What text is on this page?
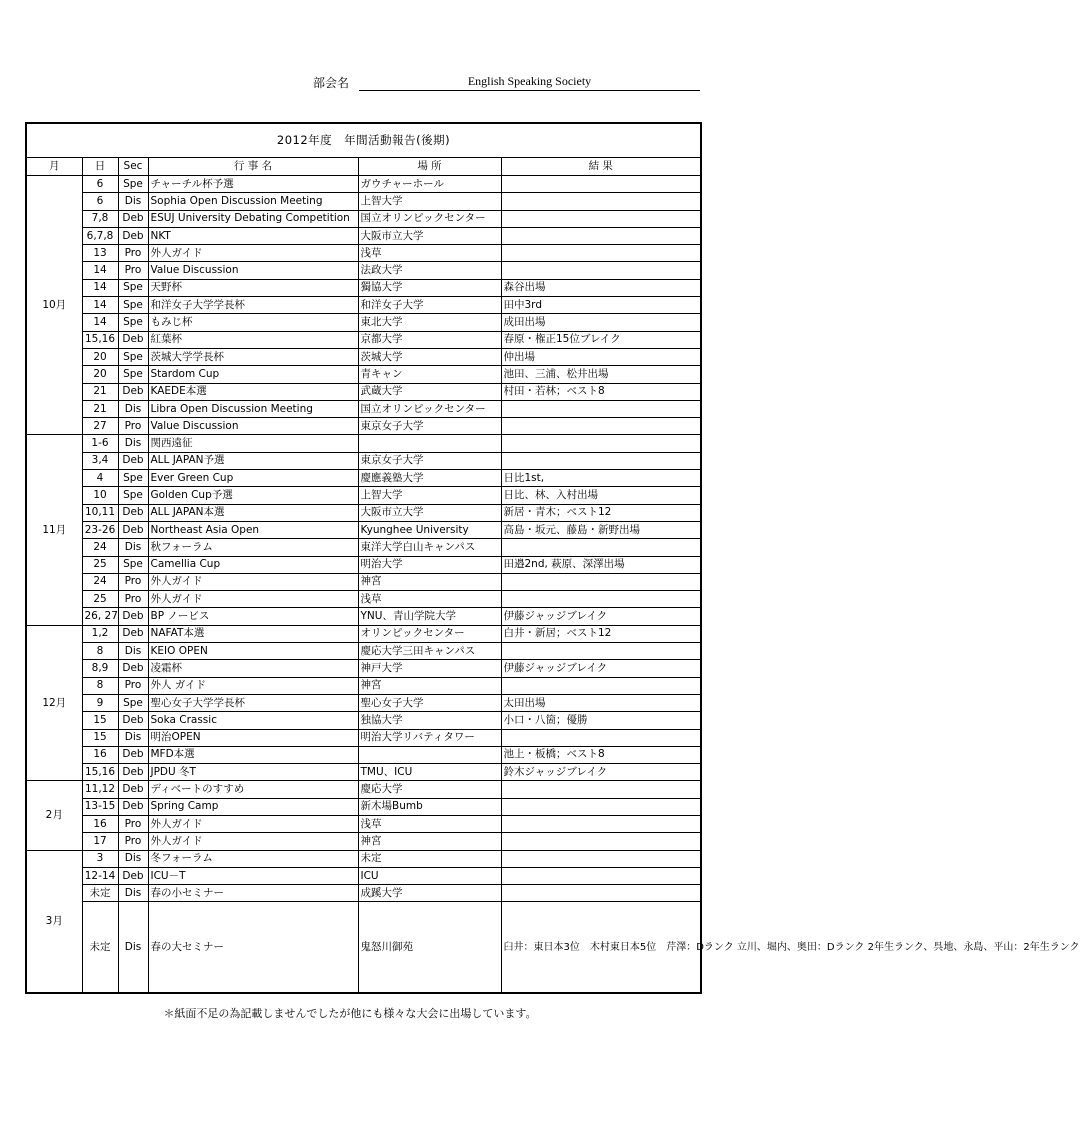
部会名	English Speaking Society
2012年度　年間活動報告(後期)					
月	日	Sec	行 事 名	場 所	結 果
10月	6	Spe	チャーチル杯予選	ガウチャーホール	
	6	Dis	Sophia Open Discussion Meeting	上智大学	
	7,8	Deb	ESUJ University Debating Competition	国立オリンピックセンター	
	6,7,8	Deb	NKT	大阪市立大学	
	13	Pro	外人ガイド	浅草	
	14	Pro	Value Discussion	法政大学	
	14	Spe	天野杯	獨協大学	森谷出場
	14	Spe	和洋女子大学学長杯	和洋女子大学	田中3rd
	14	Spe	もみじ杯	東北大学	成田出場
	15,16	Deb	紅葉杯	京都大学	春原・権正15位ブレイク
	20	Spe	茨城大学学長杯	茨城大学	仲出場
	20	Spe	Stardom Cup	青キャン	池田、三浦、松井出場
	21	Deb	KAEDE本選	武蔵大学	村田・若林；ベスト8
	21	Dis	Libra Open Discussion Meeting	国立オリンピックセンター	
	27	Pro	Value Discussion	東京女子大学	
11月	1-6	Dis	関西遠征		
	3,4	Deb	ALL JAPAN予選	東京女子大学	
	4	Spe	Ever Green Cup	慶應義塾大学	日比1st,
	10	Spe	Golden Cup予選	上智大学	日比、林、入村出場
	10,11	Deb	ALL JAPAN本選	大阪市立大学	新居・青木；ベスト12
	23-26	Deb	Northeast Asia Open	Kyunghee University	高島・坂元、藤島・新野出場
	24	Dis	秋フォーラム	東洋大学白山キャンパス	
	25	Spe	Camellia Cup	明治大学	田邉2nd, 萩原、深澤出場
	24	Pro	外人ガイド	神宮	
	25	Pro	外人ガイド	浅草	
	26, 27	Deb	BP ノービス	YNU、青山学院大学	伊藤ジャッジブレイク
12月	1,2	Deb	NAFAT本選	オリンピックセンター	白井・新居；ベスト12
	8	Dis	KEIO OPEN	慶応大学三田キャンパス	
	8,9	Deb	凌霜杯	神戸大学	伊藤ジャッジブレイク
	8	Pro	外人 ガイド	神宮	
	9	Spe	聖心女子大学学長杯	聖心女子大学	太田出場
	15	Deb	Soka Crassic	独協大学	小口・八箇；優勝
	15	Dis	明治OPEN	明治大学リバティタワー	
	16	Deb	MFD本選		池上・板橋；ベスト8
	15,16	Deb	JPDU 冬T	TMU、ICU	鈴木ジャッジブレイク
2月	11,12	Deb	ディベートのすすめ	慶応大学	
	13-15	Deb	Spring Camp	新木場Bumb	
	16	Pro	外人ガイド	浅草	
	17	Pro	外人ガイド	神宮	
3月	3	Dis	冬フォーラム	未定	
	12-14	Deb	ICU－T	ICU	
	未定	Dis	春の小セミナー	成蹊大学	
	未定	Dis	春の大セミナー	鬼怒川御苑	臼井：東日本3位　木村東日本5位　芹澤：Dランク 立川、堀内、奥田：Dランク 2年生ランク、呉地、永島、平山：2年生ランク
＊紙面不足の為記載しませんでしたが他にも様々な大会に出場しています。
